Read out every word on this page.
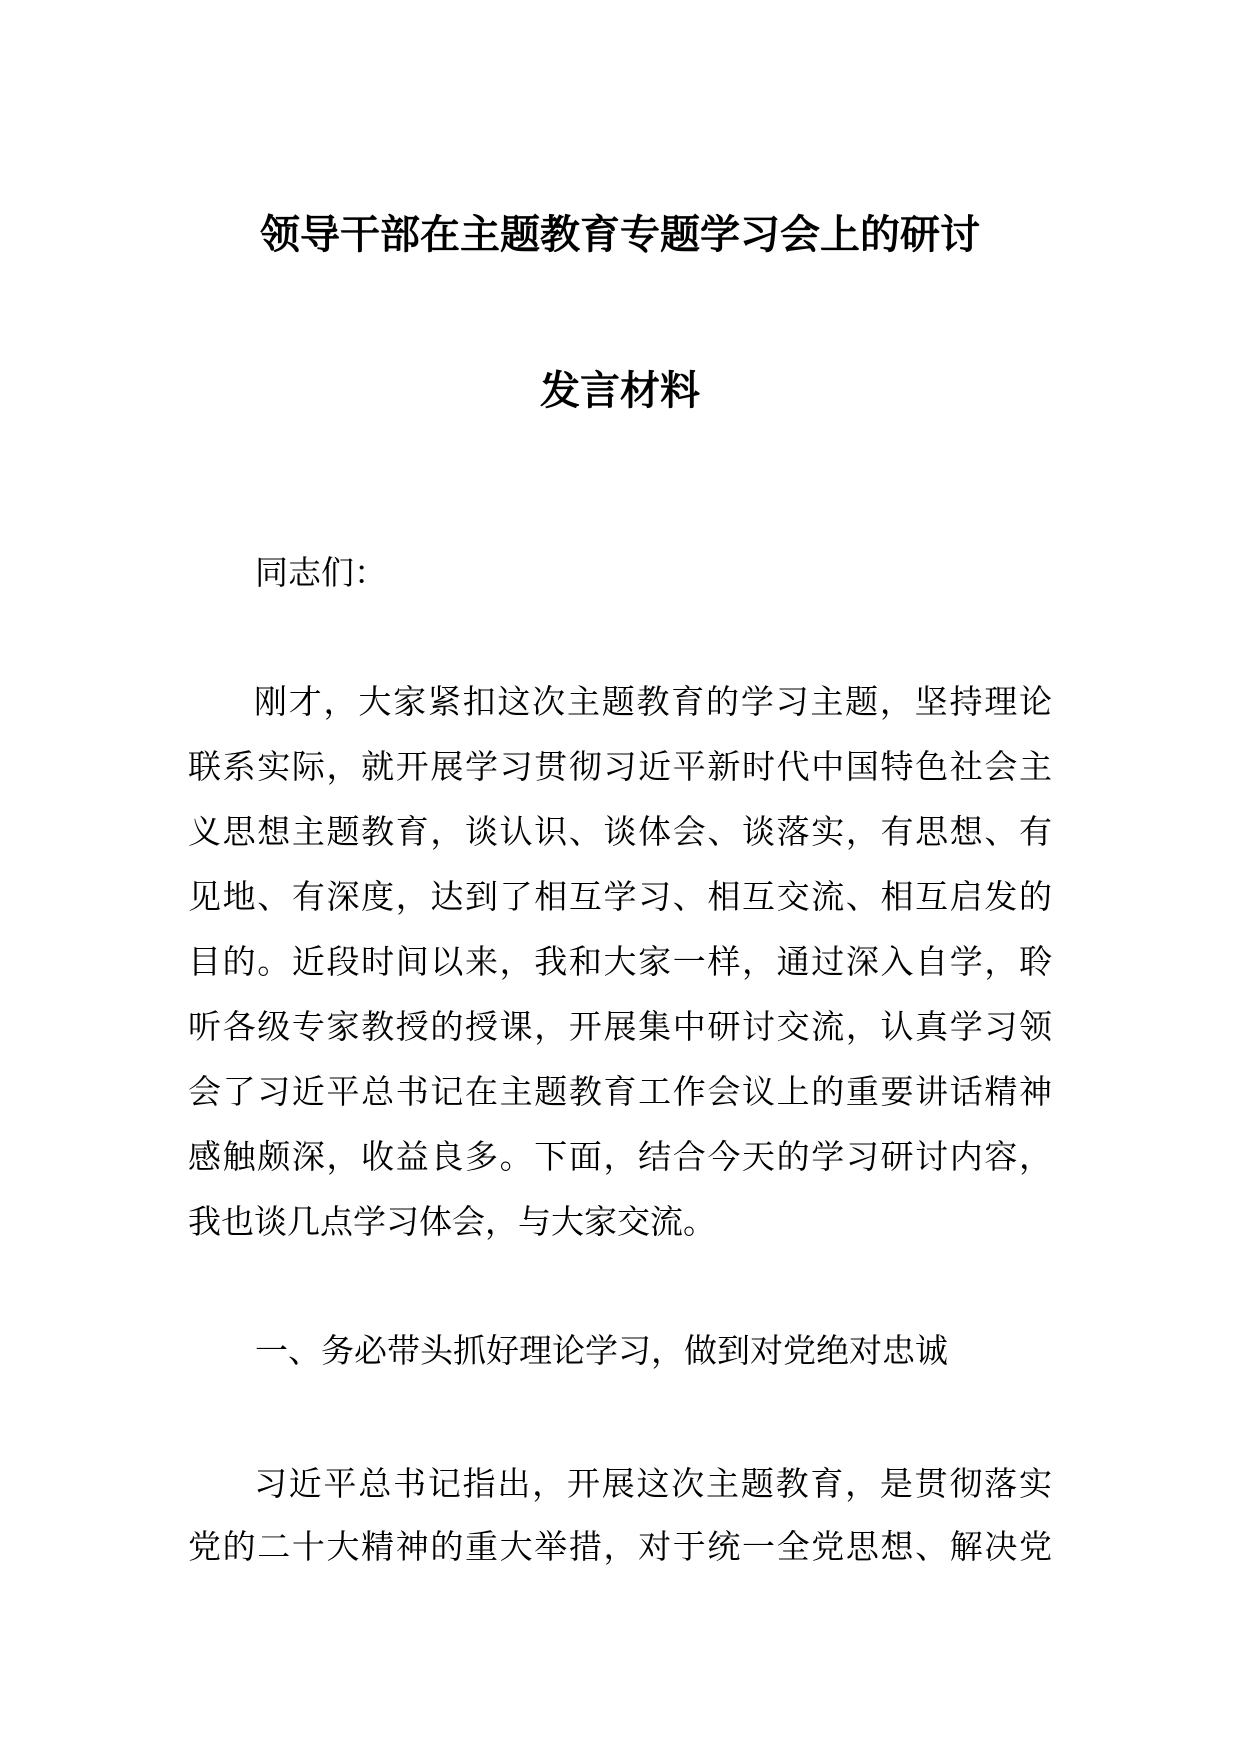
领导干部在主题教育专题学习会上的研讨
发言材料
同志们：
刚才，大家紧扣这次主题教育的学习主题，坚持理论
联系实际，就开展学习贯彻习近平新时代中国特色社会主
义思想主题教育，谈认识、谈体会、谈落实，有思想、有
见地、有深度，达到了相互学习、相互交流、相互启发的
目的。近段时间以来，我和大家一样，通过深入自学，聆
听各级专家教授的授课，开展集中研讨交流，认真学习领
会了习近平总书记在主题教育工作会议上的重要讲话精神
感触颇深，收益良多。下面，结合今天的学习研讨内容，
我也谈几点学习体会，与大家交流。
一、务必带头抓好理论学习，做到对党绝对忠诚
习近平总书记指出，开展这次主题教育，是贯彻落实
党的二十大精神的重大举措，对于统一全党思想、解决党
